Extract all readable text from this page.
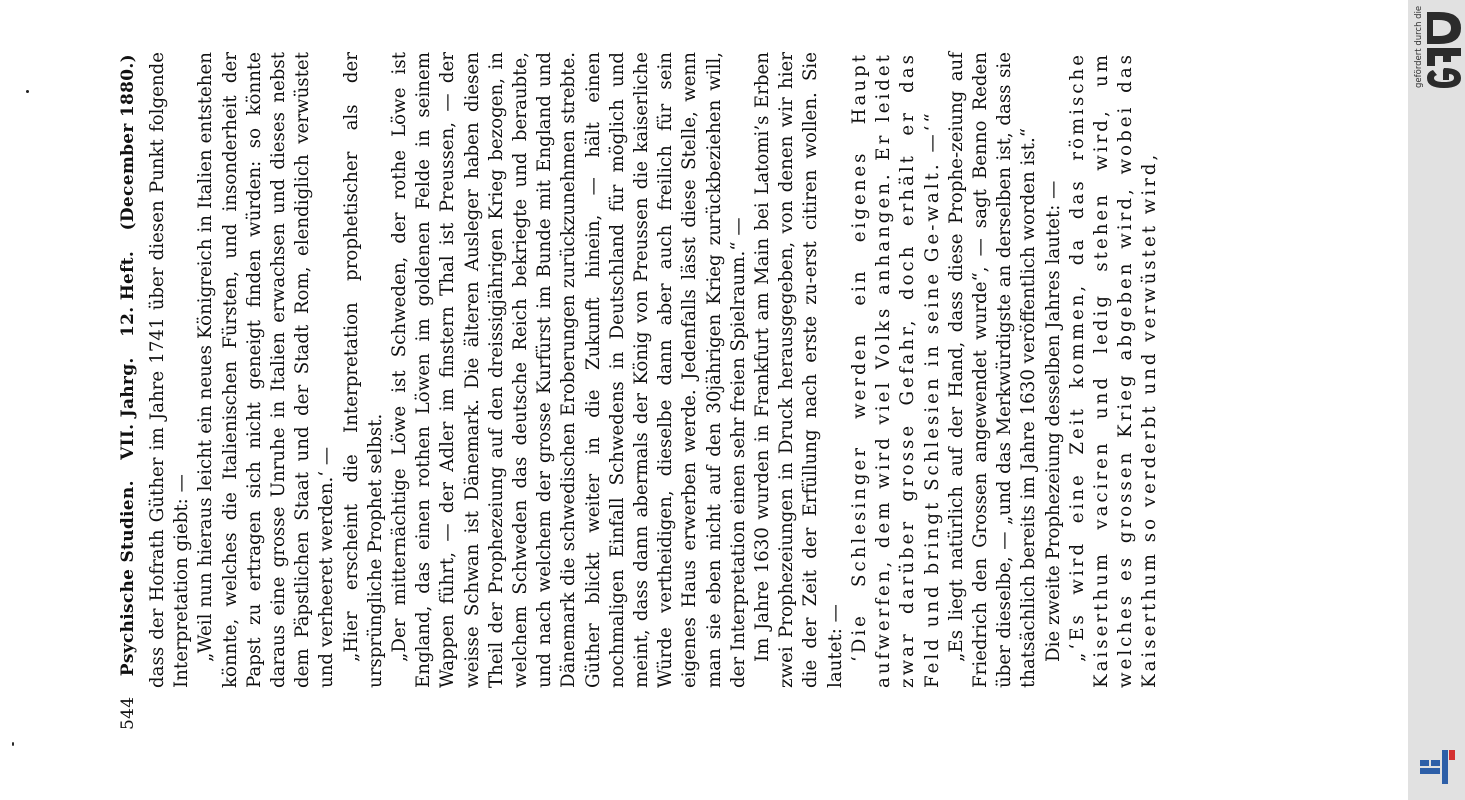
544
Psychische Studien.
VII. Jahrg.
12. Heft.
(December 1880.) dass der Hofrath Güther im Jahre 1741 über diesen Punkt folgende Interpretation giebt: — „Weil nun hieraus leicht ein neues Königreich in Italien entstehen könnte, welches die Italienischen Fürsten, und insonderheit der Papst zu ertragen sich nicht geneigt finden würden: so könnte daraus eine grosse Unruhe in Italien erwachsen und dieses nebst dem Päpstlichen Staat und der Stadt Rom, elendiglich verwüstet und verheeret werden.‘ — „Hier erscheint die Interpretation prophetischer als der ursprüngliche Prophet selbst. „Der mitternächtige Löwe ist Schweden, der rothe Löwe ist England, das einen rothen Löwen im goldenen Felde in seinem Wappen führt, — der Adler im finstern Thal ist Preussen, — der weisse Schwan ist Dänemark. Die älteren Ausleger haben diesen Theil der Prophezeiung auf den dreissigjährigen Krieg bezogen, in welchem Schweden das deutsche Reich bekriegte und beraubte, und nach welchem der grosse Kurfürst im Bunde mit England und Dänemark die schwedischen Eroberungen zurückzunehmen strebte. Güther blickt weiter in die Zukunft hinein, — hält einen nochmaligen Einfall Schwedens in Deutschland für möglich und meint, dass dann abermals der König von Preussen die kaiserliche Würde vertheidigen, dieselbe dann aber auch freilich für sein eigenes Haus erwerben werde. Jedenfalls lässt diese Stelle, wenn man sie eben nicht auf den 30jährigen Krieg zurückbeziehen will, der Interpretation einen sehr freien Spielraum.“ — Im Jahre 1630 wurden in Frankfurt am Main bei Latomi’s Erben zwei Prophezeiungen in Druck herausgegeben, von denen wir hier die der Zeit der Erfüllung nach erste zu-erst citiren wollen. Sie lautet: — ‘Die Schlesinger werden ein eigenes Haupt aufwerfen, dem wird viel Volks anhangen. Er leidet zwar darüber grosse Gefahr, doch erhält er das Feld und bringt Schlesien in seine Ge-walt. —‘“ „Es liegt natürlich auf der Hand, dass diese Prophe-zeiung auf Friedrich den Grossen angewendet wurde“, — sagt Benno Reden über dieselbe, — „und das Merkwürdigste an derselben ist, dass sie thatsächlich bereits im Jahre 1630 veröffentlich worden ist.“ Die zweite Prophezeiung desselben Jahres lautet: — „‘Es wird eine Zeit kommen, da das römische Kaiserthum vaciren und ledig stehen wird, um welches es grossen Krieg abgeben wird, wobei das Kaiserthum so verderbt und verwüstet wird,

gefördert durch die
